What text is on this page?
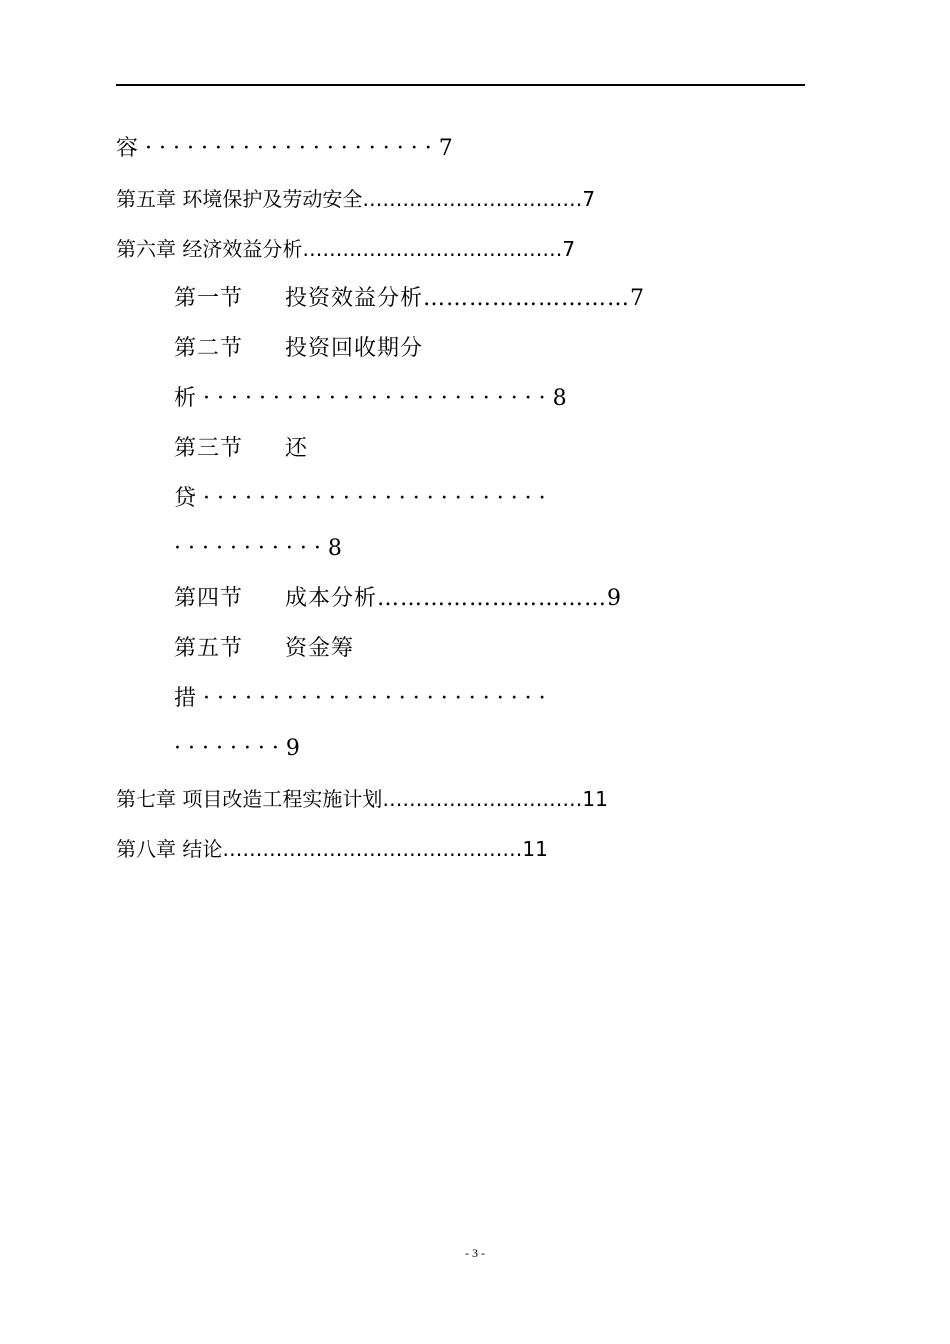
容 · · · · · · · · · · · · · · · · · · · · · 7
第五章 环境保护及劳动安全……………………………7
第六章 经济效益分析…………………………………7
第一节 投资效益分析………………………7
第二节 投资回收期分
析 · · · · · · · · · · · · · · · · · · · · · · · · · 8
第三节 还
贷 · · · · · · · · · · · · · · · · · · · · · · · · ·
· · · · · · · · · · · 8
第四节 成本分析…………………………9
第五节 资金筹
措 · · · · · · · · · · · · · · · · · · · · · · · · ·
· · · · · · · · 9
第七章 项目改造工程实施计划…………………………11
第八章 结论………………………………………11
- 3 -
